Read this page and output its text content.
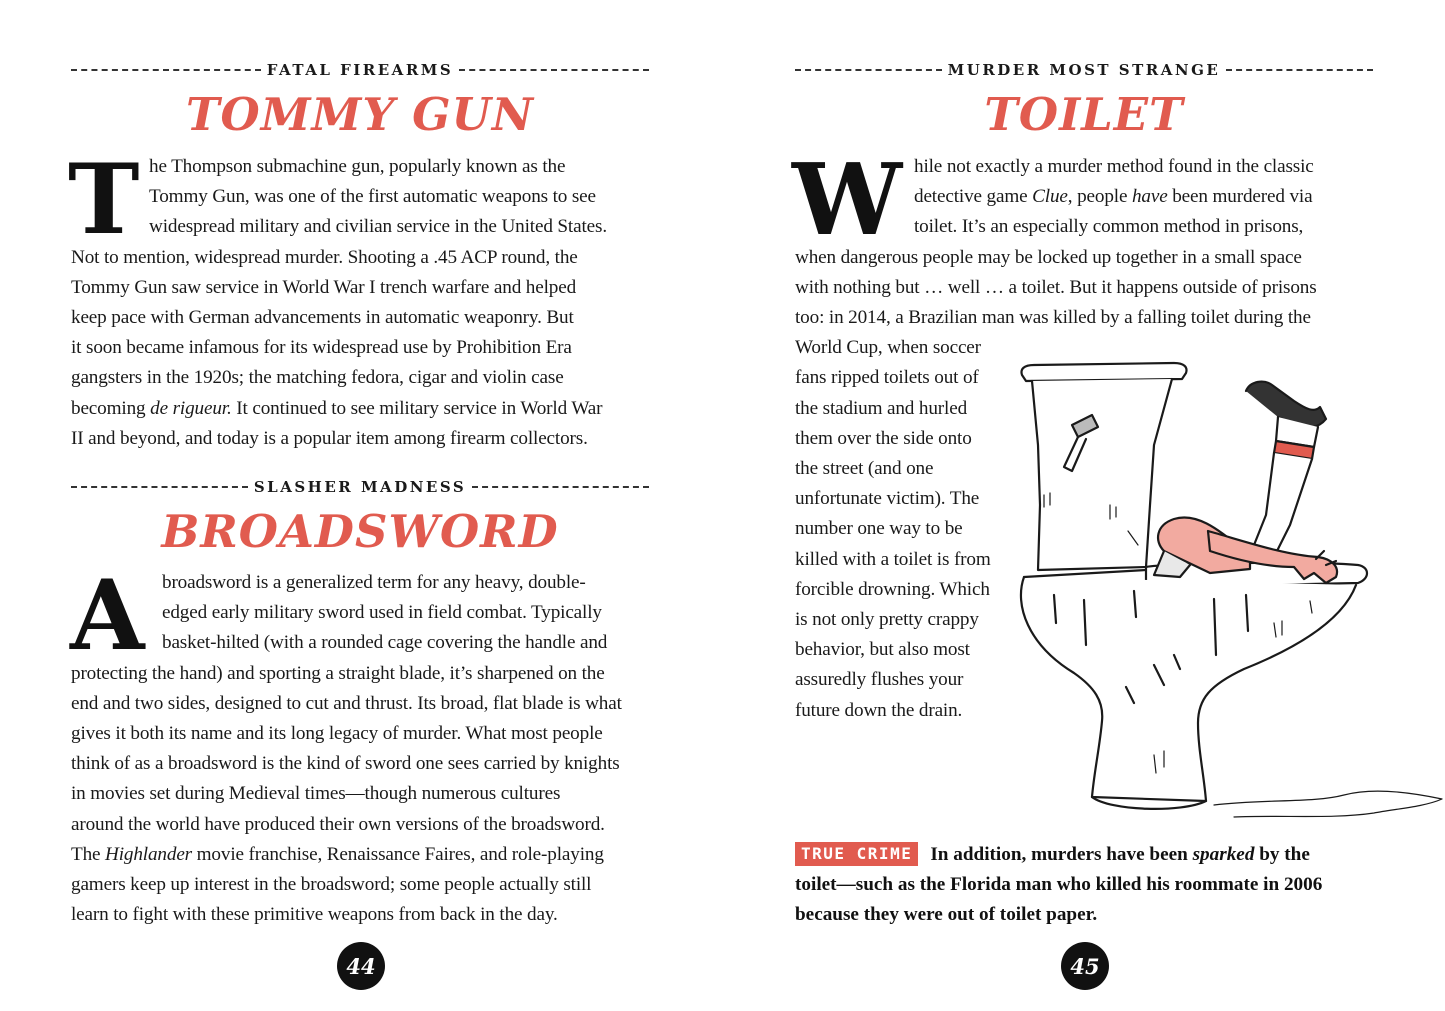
FATAL FIREARMS
TOMMY GUN
T he Thompson submachine gun, popularly known as the
Tommy Gun, was one of the first automatic weapons to see
widespread military and civilian service in the United States.
Not to mention, widespread murder. Shooting a .45 ACP round, the
Tommy Gun saw service in World War I trench warfare and helped
keep pace with German advancements in automatic weaponry. But
it soon became infamous for its widespread use by Prohibition Era
gangsters in the 1920s; the matching fedora, cigar and violin case
becoming de rigueur. It continued to see military service in World War
II and beyond, and today is a popular item among firearm collectors.
SLASHER MADNESS
BROADSWORD
A broadsword is a generalized term for any heavy, double-
edged early military sword used in field combat. Typically
basket-hilted (with a rounded cage covering the handle and
protecting the hand) and sporting a straight blade, it’s sharpened on the
end and two sides, designed to cut and thrust. Its broad, flat blade is what
gives it both its name and its long legacy of murder. What most people
think of as a broadsword is the kind of sword one sees carried by knights
in movies set during Medieval times—though numerous cultures
around the world have produced their own versions of the broadsword.
The Highlander movie franchise, Renaissance Faires, and role-playing
gamers keep up interest in the broadsword; some people actually still
learn to fight with these primitive weapons from back in the day.
44
MURDER MOST STRANGE
TOILET
W hile not exactly a murder method found in the classic
detective game Clue, people have been murdered via
toilet. It’s an especially common method in prisons,
when dangerous people may be locked up together in a small space
with nothing but … well … a toilet. But it happens outside of prisons
too: in 2014, a Brazilian man was killed by a falling toilet during the
World Cup, when soccer
fans ripped toilets out of
the stadium and hurled
them over the side onto
the street (and one
unfortunate victim). The
number one way to be
killed with a toilet is from
forcible drowning. Which
is not only pretty crappy
behavior, but also most
assuredly flushes your
future down the drain.
TRUE CRIME In addition, murders have been sparked by the
toilet—such as the Florida man who killed his roommate in 2006
because they were out of toilet paper.
45
